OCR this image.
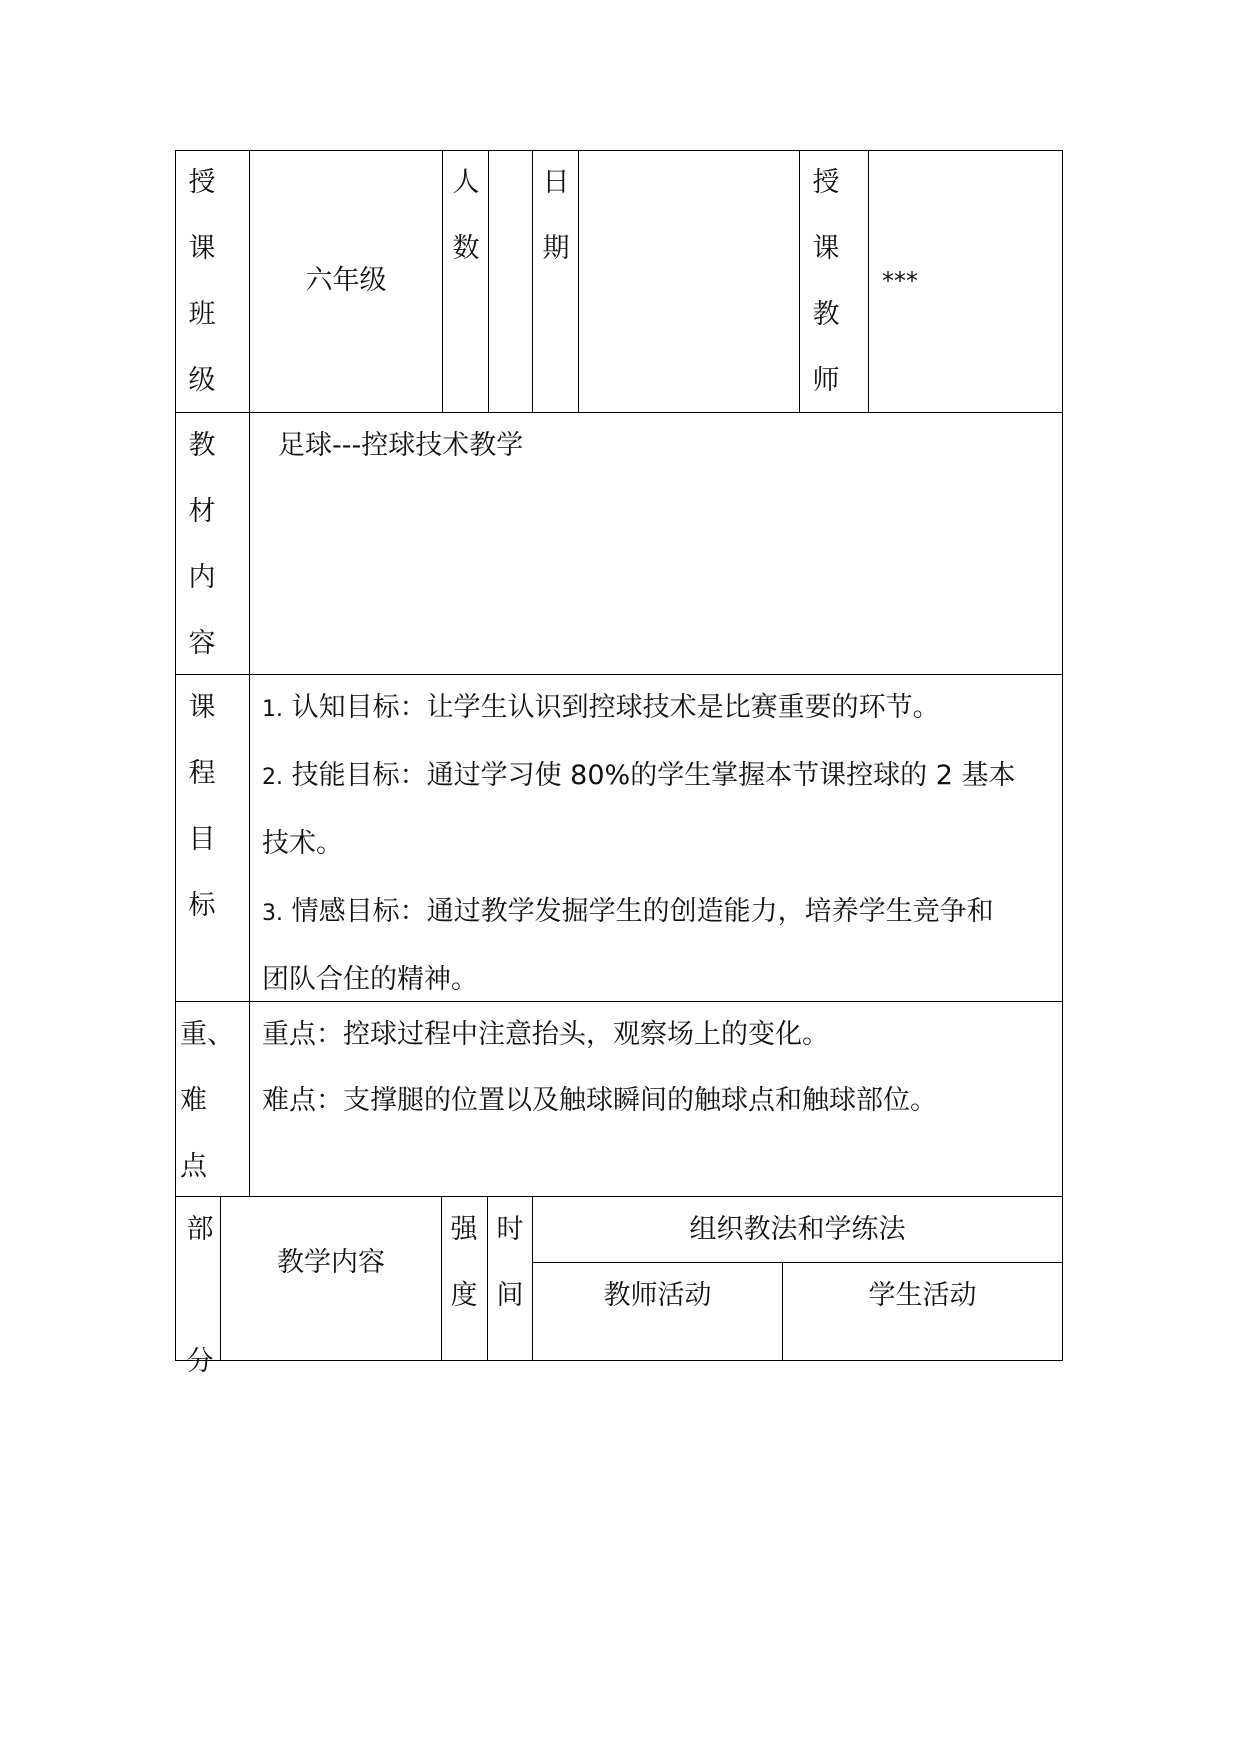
授
课
班
级
六年级
人
数
日
期
授
课
教
师
***
教
材
内
容
足球---控球技术教学
课
程
目
标
1. 认知目标：让学生认识到控球技术是比赛重要的环节。
2. 技能目标：通过学习使 80%的学生掌握本节课控球的 2 基本
技术。
3. 情感目标：通过教学发掘学生的创造能力，培养学生竞争和
团队合住的精神。
重、
难
点
重点：控球过程中注意抬头，观察场上的变化。
难点：支撑腿的位置以及触球瞬间的触球点和触球部位。
部
分
教学内容
强
度
时
间
组织教法和学练法
教师活动	学生活动
